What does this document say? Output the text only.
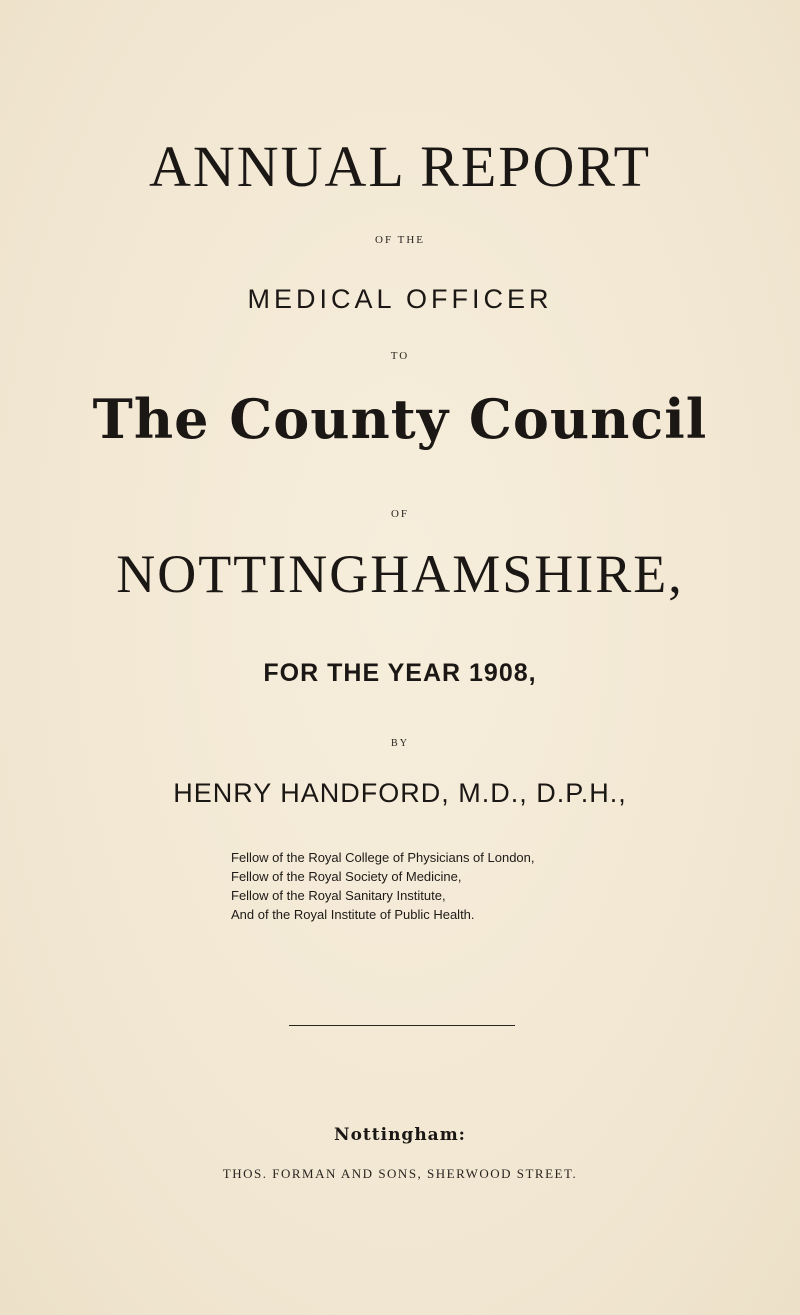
ANNUAL REPORT
OF THE
MEDICAL OFFICER
TO
The County Council
OF
NOTTINGHAMSHIRE,
FOR THE YEAR 1908,
BY
HENRY HANDFORD, M.D., D.P.H.,
Fellow of the Royal College of Physicians of London,
Fellow of the Royal Society of Medicine,
Fellow of the Royal Sanitary Institute,
And of the Royal Institute of Public Health.
Nottingham:
THOS. FORMAN AND SONS, SHERWOOD STREET.
